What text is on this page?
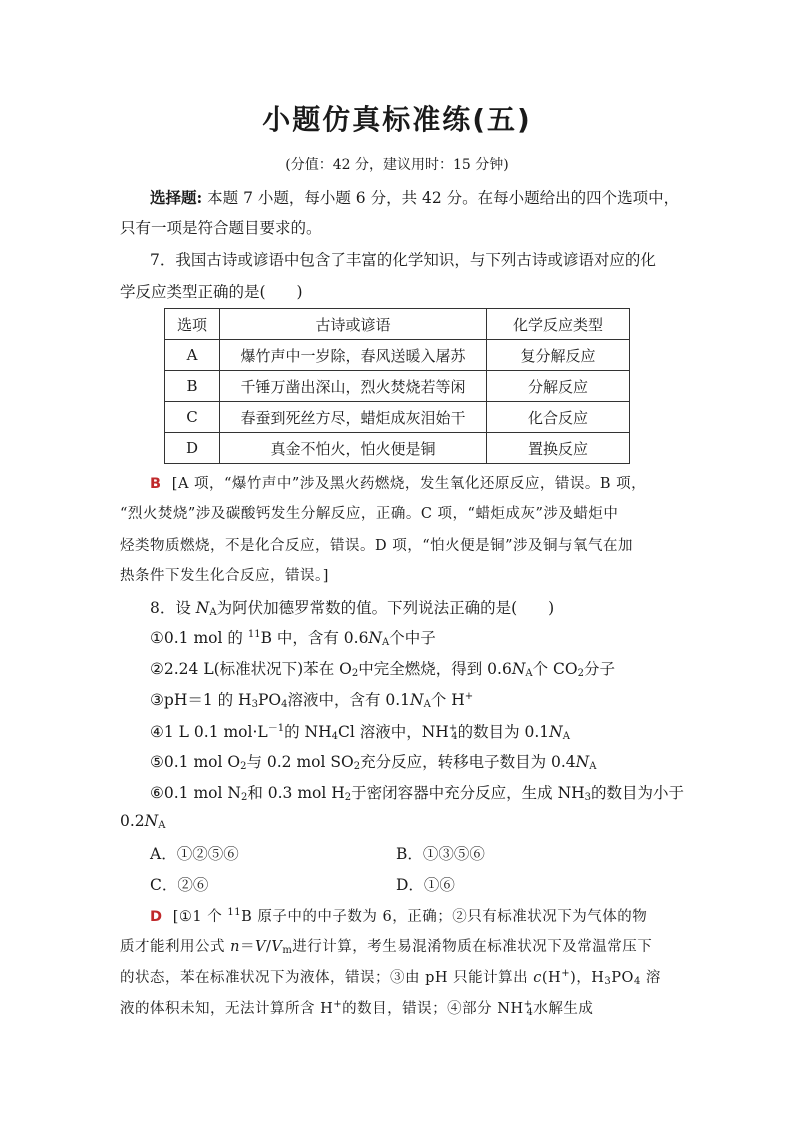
小题仿真标准练(五)
(分值：42 分，建议用时：15 分钟)
选择题: 本题 7 小题，每小题 6 分，共 42 分。在每小题给出的四个选项中，
只有一项是符合题目要求的。
7．我国古诗或谚语中包含了丰富的化学知识，与下列古诗或谚语对应的化
学反应类型正确的是(　　)
选项	古诗或谚语	化学反应类型
A	爆竹声中一岁除，春风送暖入屠苏	复分解反应
B	千锤万凿出深山，烈火焚烧若等闲	分解反应
C	春蚕到死丝方尽，蜡炬成灰泪始干	化合反应
D	真金不怕火，怕火便是铜	置换反应
B [A 项，“爆竹声中”涉及黑火药燃烧，发生氧化还原反应，错误。B 项，
“烈火焚烧”涉及碳酸钙发生分解反应，正确。C 项，“蜡炬成灰”涉及蜡炬中
烃类物质燃烧，不是化合反应，错误。D 项，“怕火便是铜”涉及铜与氧气在加
热条件下发生化合反应，错误。]
8．设 $N_A$为阿伏加德罗常数的值。下列说法正确的是(　　)
①0.1 mol 的 $^{11}$B 中，含有 $0.6N_A$个中子
②2.24 L(标准状况下)苯在 $O_2$中完全燃烧，得到 $0.6N_A$个 $CO_2$分子
③pH＝1 的 $H_3PO_4$溶液中，含有 $0.1N_A$个 H+
④1 L 0.1 $mol\cdot L^{-1}$的 $NH_4Cl$ 溶液中，$NH^+_4$的数目为 $0.1N_A$
⑤0.1 mol $O_2$与 0.2 mol $SO_2$充分反应，转移电子数目为 $0.4N_A$
⑥0.1 mol $N_2$和 0.3 mol $H_2$于密闭容器中充分反应，生成 $NH_3$的数目为小于
$0.2N_A$
A．①②⑤⑥	B．①③⑤⑥
C．②⑥	D．①⑥
D [①1 个 $^{11}$B 原子中的中子数为 6，正确；②只有标准状况下为气体的物
质才能利用公式 $n=V/V_m$进行计算，考生易混淆物质在标准状况下及常温常压下
的状态，苯在标准状况下为液体，错误；③由 pH 只能计算出 c(H+)，$H_3PO_4$ 溶
液的体积未知，无法计算所含 H+的数目，错误；④部分 $NH^+_4$水解生成
